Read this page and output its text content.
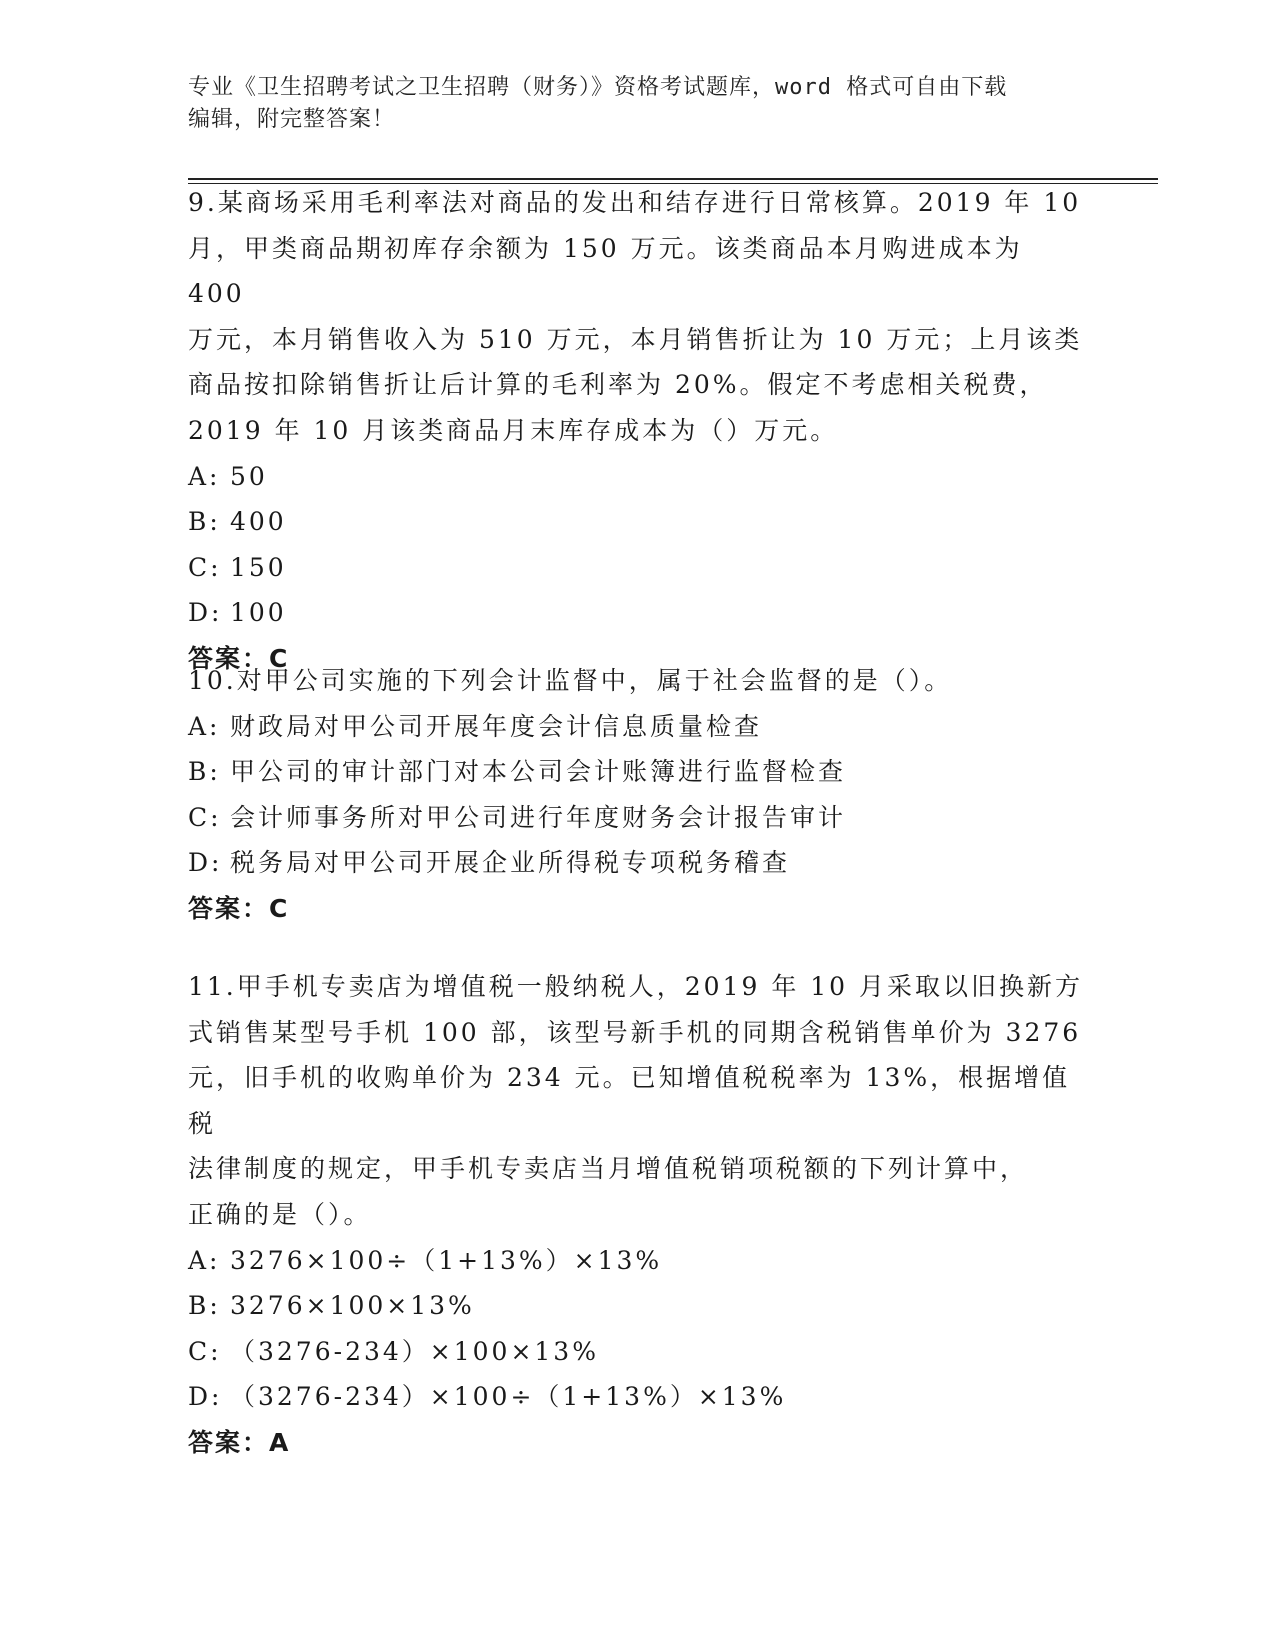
专业《卫生招聘考试之卫生招聘（财务）》资格考试题库，word 格式可自由下载
编辑，附完整答案！

9.某商场采用毛利率法对商品的发出和结存进行日常核算。2019 年 10

月，甲类商品期初库存余额为 150 万元。该类商品本月购进成本为 400

万元，本月销售收入为 510 万元，本月销售折让为 10 万元；上月该类

商品按扣除销售折让后计算的毛利率为 20%。假定不考虑相关税费，

2019 年 10 月该类商品月末库存成本为（）万元。

A: 50

B: 400

C: 150

D: 100

答案：C

10.对甲公司实施的下列会计监督中，属于社会监督的是（）。

A: 财政局对甲公司开展年度会计信息质量检查

B: 甲公司的审计部门对本公司会计账簿进行监督检查

C: 会计师事务所对甲公司进行年度财务会计报告审计

D: 税务局对甲公司开展企业所得税专项税务稽查

答案：C

11.甲手机专卖店为增值税一般纳税人，2019 年 10 月采取以旧换新方

式销售某型号手机 100 部，该型号新手机的同期含税销售单价为 3276

元，旧手机的收购单价为 234 元。已知增值税税率为 13%，根据增值税

法律制度的规定，甲手机专卖店当月增值税销项税额的下列计算中，

正确的是（）。

A: 3276×100÷（1+13%）×13%

B: 3276×100×13%

C: （3276-234）×100×13%

D: （3276-234）×100÷（1+13%）×13%

答案：A
